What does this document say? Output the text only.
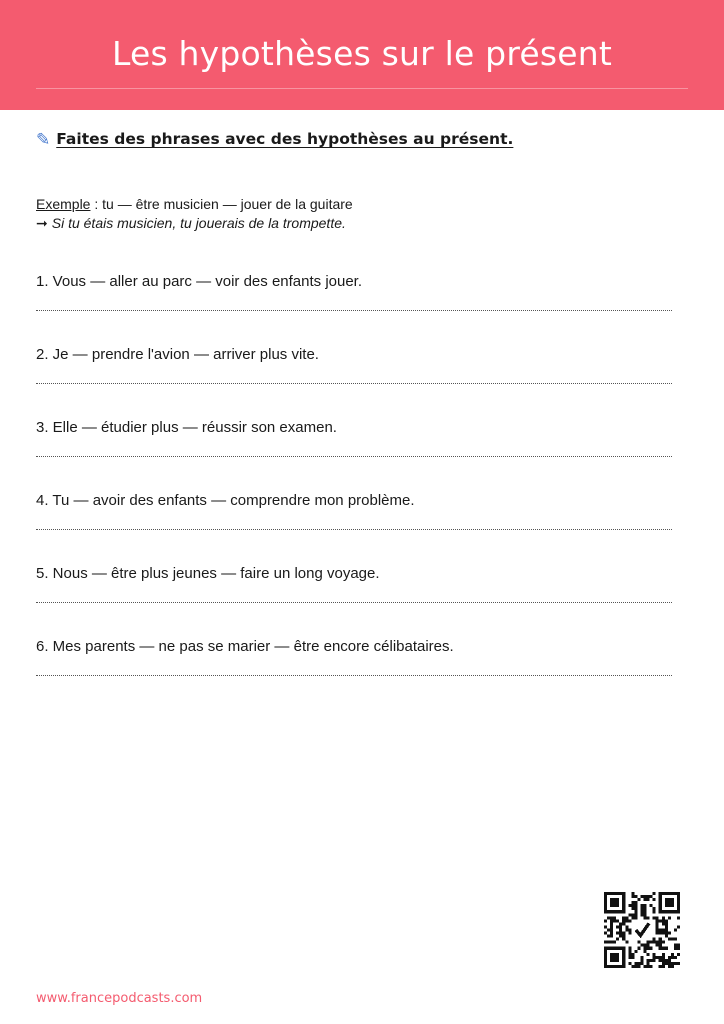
Les hypothèses sur le présent
✎ Faites des phrases avec des hypothèses au présent.
Exemple : tu — être musicien — jouer de la guitare
➞ Si tu étais musicien, tu jouerais de la trompette.
1. Vous — aller au parc — voir des enfants jouer.
2. Je — prendre l'avion — arriver plus vite.
3. Elle — étudier plus — réussir son examen.
4. Tu — avoir des enfants — comprendre mon problème.
5. Nous — être plus jeunes — faire un long voyage.
6. Mes parents — ne pas se marier — être encore célibataires.
www.francepodcasts.com
